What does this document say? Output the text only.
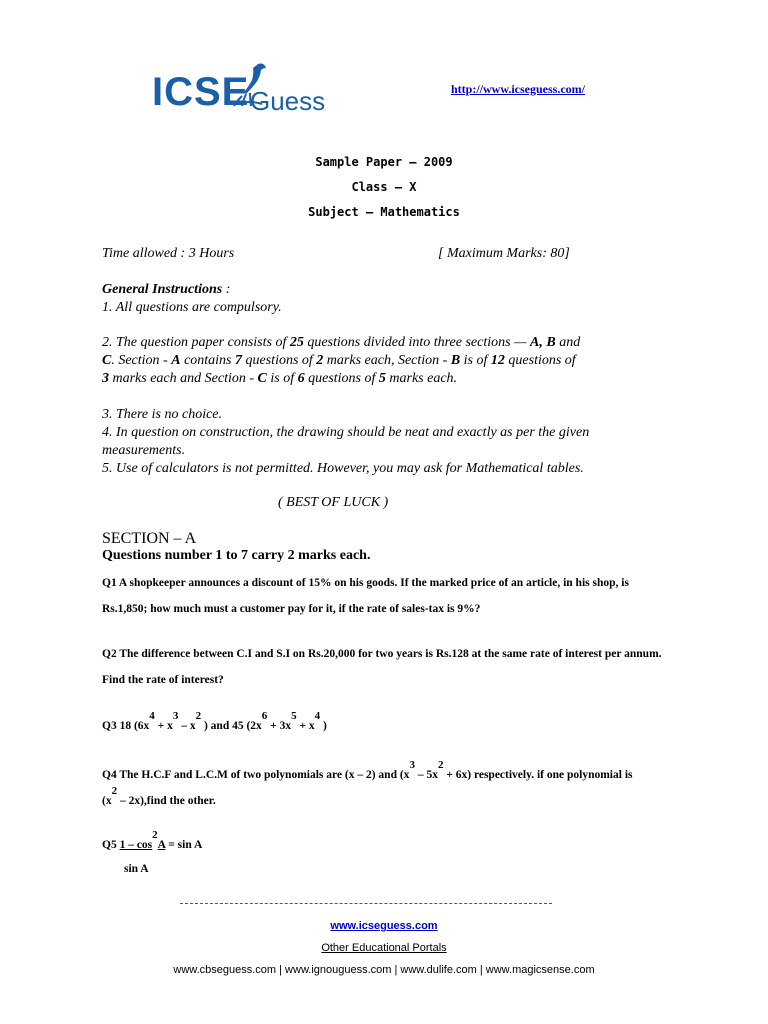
ICSE Guess	http://www.icseguess.com/
Sample Paper – 2009
Class – X
Subject – Mathematics
Time allowed : 3 Hours	[ Maximum Marks: 80]
General Instructions :
1. All questions are compulsory.
2. The question paper consists of 25 questions divided into three sections — A, B and
C. Section - A contains 7 questions of 2 marks each, Section - B is of 12 questions of
3 marks each and Section - C is of 6 questions of 5 marks each.
3. There is no choice.
4. In question on construction, the drawing should be neat and exactly as per the given measurements.
5. Use of calculators is not permitted. However, you may ask for Mathematical tables.
( BEST OF LUCK )
SECTION – A
Questions number 1 to 7 carry 2 marks each.
Q1 A shopkeeper announces a discount of 15% on his goods. If the marked price of an article, in his shop, is Rs.1,850; how much must a customer pay for it, if the rate of sales-tax is 9%?
Q2 The difference between C.I and S.I on Rs.20,000 for two years is Rs.128 at the same rate of interest per annum. Find the rate of interest?
Q3 18 (6x4 + x3 – x2 ) and 45 (2x6 + 3x5 + x4 )
Q4 The H.C.F and L.C.M of two polynomials are (x – 2) and (x3 – 5x2 + 6x) respectively. if one polynomial is
(x2 – 2x),find the other.
Q5 1 – cos2A = sin A
sin A
www.icseguess.com
Other Educational Portals
www.cbseguess.com | www.ignouguess.com | www.dulife.com | www.magicsense.com
